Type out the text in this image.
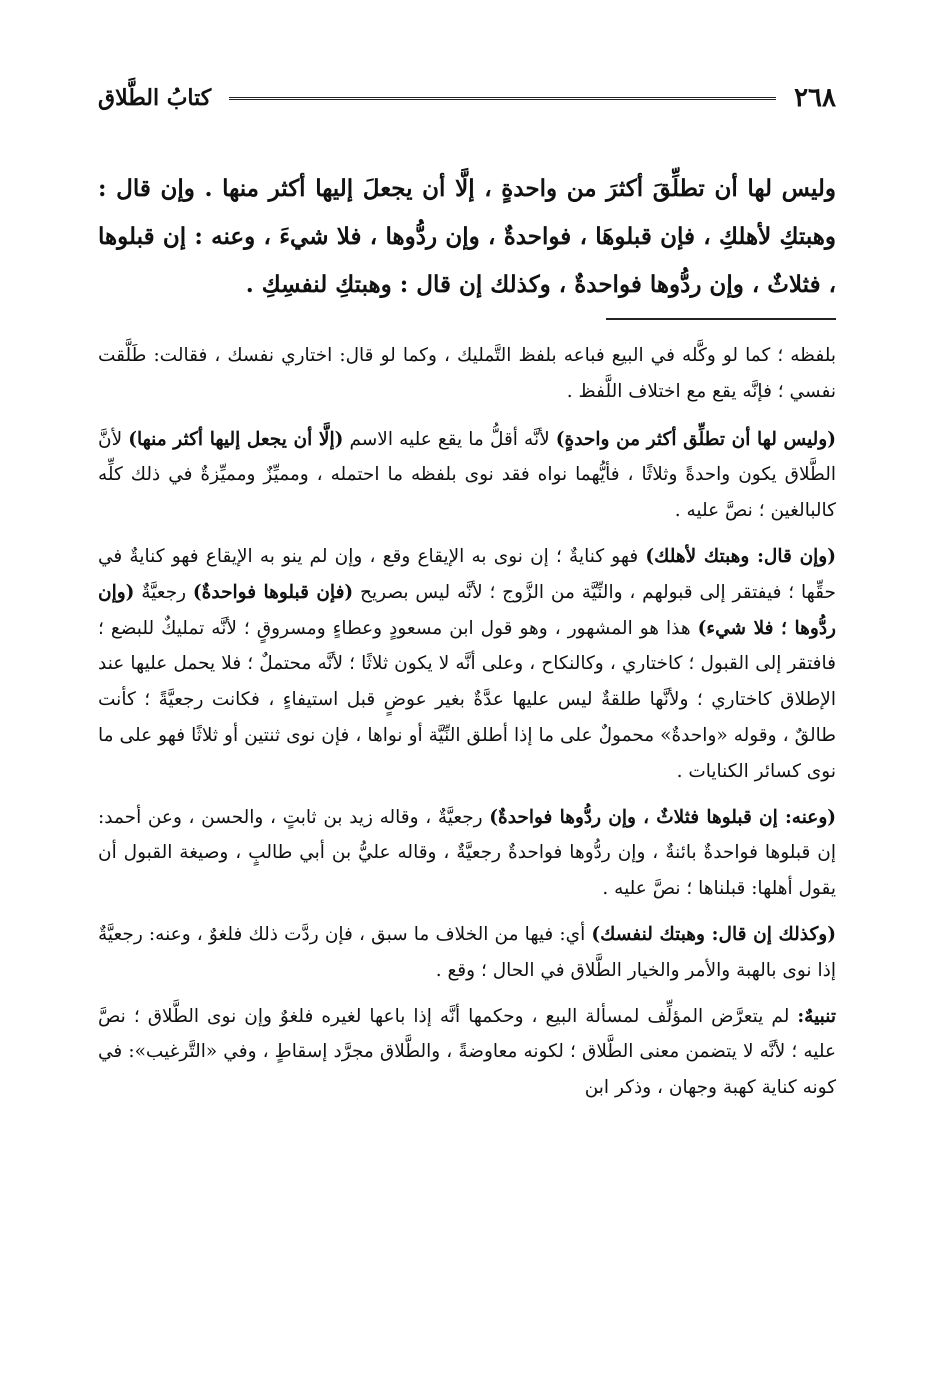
٢٦٨
كتابُ الطَّلاق

وليس لها أن تطلِّقَ أكثرَ من واحدةٍ ، إلَّا أن يجعلَ إليها أكثر منها . وإن قال : وهبتكِ لأهلكِ ، فإن قبلوهَا ، فواحدةٌ ، وإن ردُّوها ، فلا شيءَ ، وعنه : إن قبلوها ، فثلاثٌ ، وإن ردُّوها فواحدةٌ ، وكذلك إن قال : وهبتكِ لنفسِكِ .

بلفظه ؛ كما لو وكَّله في البيع فباعه بلفظ التَّمليك ، وكما لو قال: اختاري نفسك ، فقالت: طَلَّقت نفسي ؛ فإنَّه يقع مع اختلاف اللَّفظ .

(وليس لها أن تطلِّق أكثر من واحدةٍ) لأنَّه أقلُّ ما يقع عليه الاسم (إلَّا أن يجعل إليها أكثر منها) لأنَّ الطَّلاق يكون واحدةً وثلاثًا ، فأيُّهما نواه فقد نوى بلفظه ما احتمله ، ومميِّزٌ ومميِّزةٌ في ذلك كلِّه كالبالغين ؛ نصَّ عليه .

(وإن قال: وهبتك لأهلك) فهو كنايةٌ ؛ إن نوى به الإيقاع وقع ، وإن لم ينو به الإيقاع فهو كنايةٌ في حقِّها ؛ فيفتقر إلى قبولهم ، والنِّيَّة من الزَّوج ؛ لأنَّه ليس بصريح (فإن قبلوها فواحدةٌ) رجعيَّةٌ (وإن ردُّوها ؛ فلا شيء) هذا هو المشهور ، وهو قول ابن مسعودٍ وعطاءٍ ومسروقٍ ؛ لأنَّه تمليكٌ للبضع ؛ فافتقر إلى القبول ؛ كاختاري ، وكالنكاح ، وعلى أنَّه لا يكون ثلاثًا ؛ لأنَّه محتملٌ ؛ فلا يحمل عليها عند الإطلاق كاختاري ؛ ولأنَّها طلقةٌ ليس عليها عدَّةٌ بغير عوضٍ قبل استيفاءٍ ، فكانت رجعيَّةً ؛ كأنت طالقٌ ، وقوله «واحدةٌ» محمولٌ على ما إذا أطلق النِّيَّة أو نواها ، فإن نوى ثنتين أو ثلاثًا فهو على ما نوى كسائر الكنايات .

(وعنه: إن قبلوها فثلاثٌ ، وإن ردُّوها فواحدةٌ) رجعيَّةٌ ، وقاله زيد بن ثابتٍ ، والحسن ، وعن أحمد: إن قبلوها فواحدةٌ بائنةٌ ، وإن ردُّوها فواحدةٌ رجعيَّةٌ ، وقاله عليُّ بن أبي طالبٍ ، وصيغة القبول أن يقول أهلها: قبلناها ؛ نصَّ عليه .

(وكذلك إن قال: وهبتك لنفسك) أي: فيها من الخلاف ما سبق ، فإن ردَّت ذلك فلغوٌ ، وعنه: رجعيَّةٌ إذا نوى بالهبة والأمر والخيار الطَّلاق في الحال ؛ وقع .

تنبيهٌ: لم يتعرَّض المؤلِّف لمسألة البيع ، وحكمها أنَّه إذا باعها لغيره فلغوٌ وإن نوى الطَّلاق ؛ نصَّ عليه ؛ لأنَّه لا يتضمن معنى الطَّلاق ؛ لكونه معاوضةً ، والطَّلاق مجرَّد إسقاطٍ ، وفي «التَّرغيب»: في كونه كناية كهبة وجهان ، وذكر ابن
